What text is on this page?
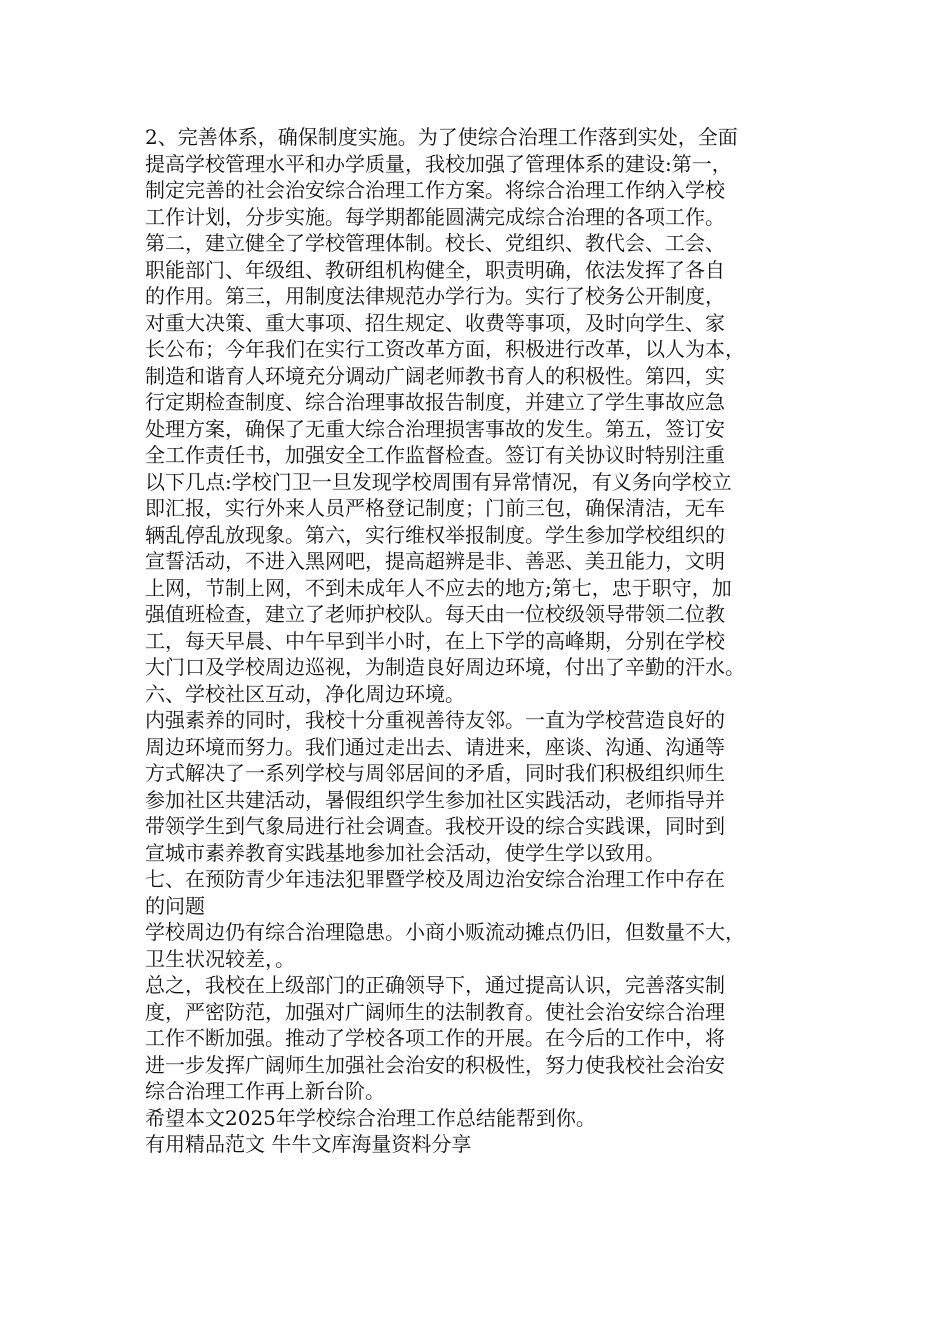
2、完善体系，确保制度实施。为了使综合治理工作落到实处，全面
提高学校管理水平和办学质量，我校加强了管理体系的建设:第一，
制定完善的社会治安综合治理工作方案。将综合治理工作纳入学校
工作计划，分步实施。每学期都能圆满完成综合治理的各项工作。
第二，建立健全了学校管理体制。校长、党组织、教代会、工会、
职能部门、年级组、教研组机构健全，职责明确，依法发挥了各自
的作用。第三，用制度法律规范办学行为。实行了校务公开制度，
对重大决策、重大事项、招生规定、收费等事项，及时向学生、家
长公布；今年我们在实行工资改革方面，积极进行改革，以人为本，
制造和谐育人环境充分调动广阔老师教书育人的积极性。第四，实
行定期检查制度、综合治理事故报告制度，并建立了学生事故应急
处理方案，确保了无重大综合治理损害事故的发生。第五，签订安
全工作责任书，加强安全工作监督检查。签订有关协议时特别注重
以下几点:学校门卫一旦发现学校周围有异常情况，有义务向学校立
即汇报，实行外来人员严格登记制度；门前三包，确保清洁，无车
辆乱停乱放现象。第六，实行维权举报制度。学生参加学校组织的
宣誓活动，不进入黑网吧，提高超辨是非、善恶、美丑能力，文明
上网，节制上网，不到未成年人不应去的地方;第七，忠于职守，加
强值班检查，建立了老师护校队。每天由一位校级领导带领二位教
工，每天早晨、中午早到半小时，在上下学的高峰期，分别在学校
大门口及学校周边巡视，为制造良好周边环境，付出了辛勤的汗水。
六、学校社区互动，净化周边环境。
内强素养的同时，我校十分重视善待友邻。一直为学校营造良好的
周边环境而努力。我们通过走出去、请进来，座谈、沟通、沟通等
方式解决了一系列学校与周邻居间的矛盾，同时我们积极组织师生
参加社区共建活动，暑假组织学生参加社区实践活动，老师指导并
带领学生到气象局进行社会调查。我校开设的综合实践课，同时到
宣城市素养教育实践基地参加社会活动，使学生学以致用。
七、在预防青少年违法犯罪暨学校及周边治安综合治理工作中存在
的问题
学校周边仍有综合治理隐患。小商小贩流动摊点仍旧，但数量不大，
卫生状况较差，。
总之，我校在上级部门的正确领导下，通过提高认识，完善落实制
度，严密防范，加强对广阔师生的法制教育。使社会治安综合治理
工作不断加强。推动了学校各项工作的开展。在今后的工作中，将
进一步发挥广阔师生加强社会治安的积极性，努力使我校社会治安
综合治理工作再上新台阶。
希望本文2025年学校综合治理工作总结能帮到你。
有用精品范文 牛牛文库海量资料分享
